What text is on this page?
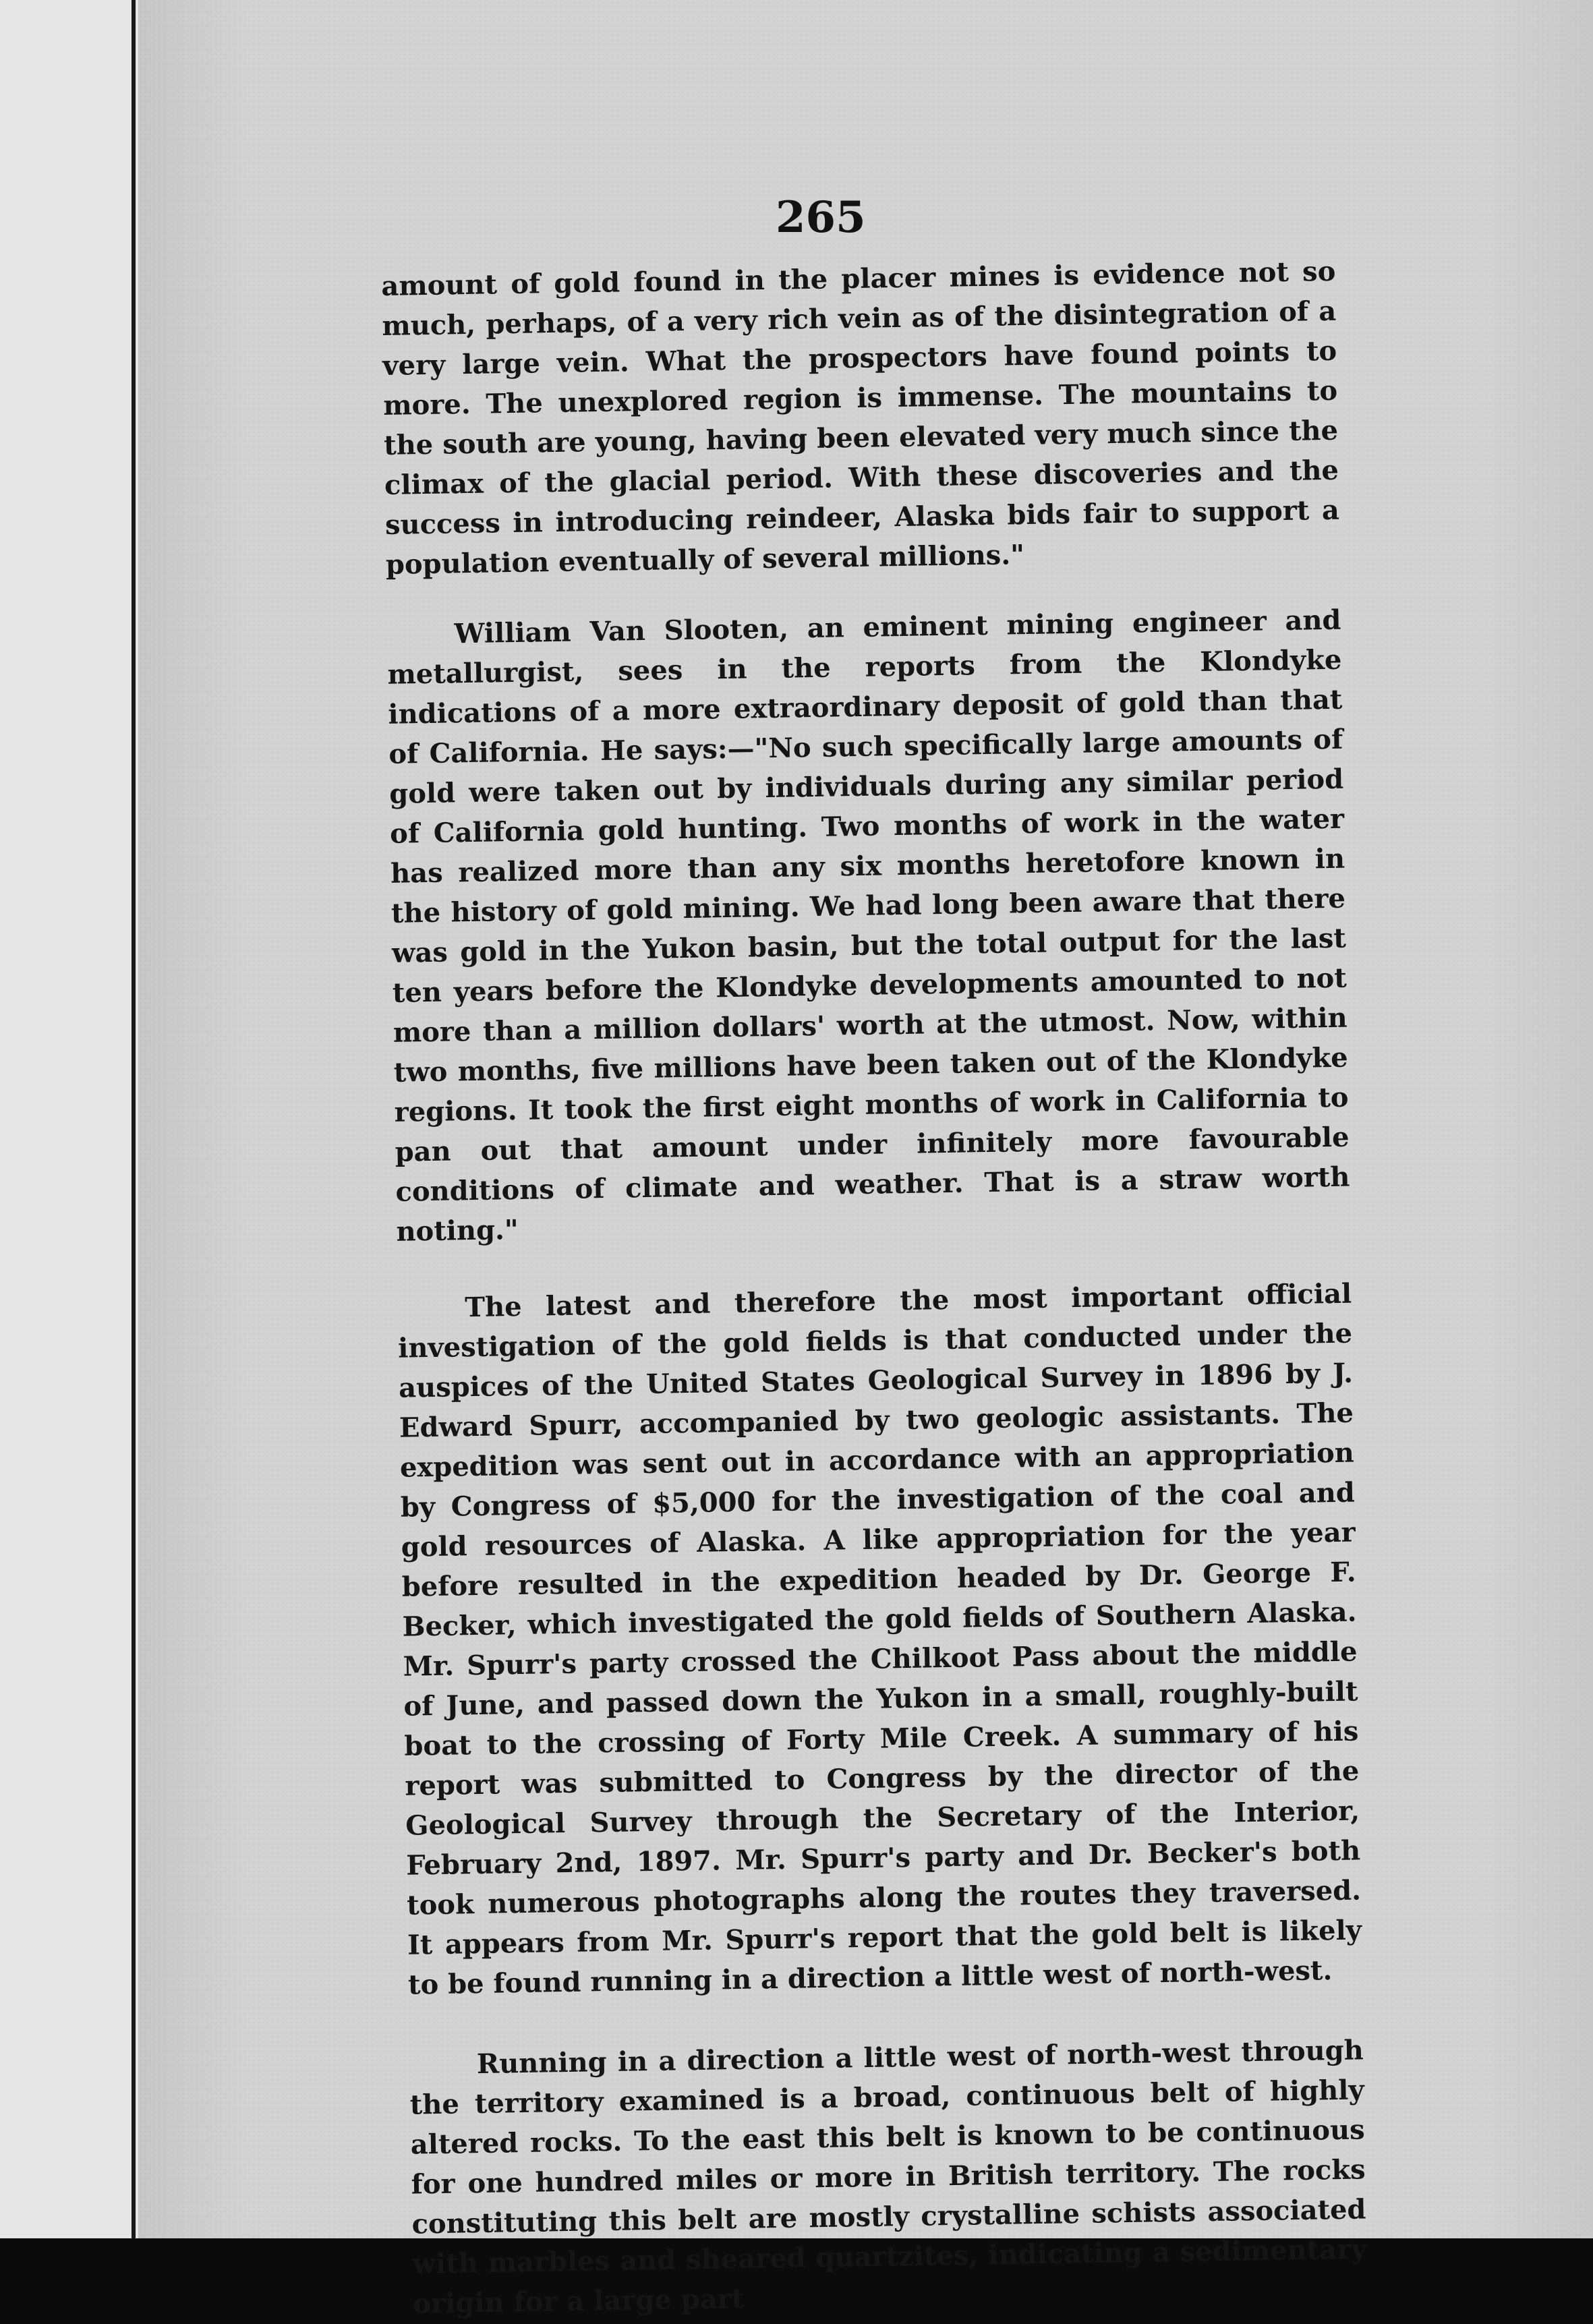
265

amount of gold found in the placer mines is evidence not so much, perhaps, of a very rich vein as of the disintegration of a very large vein. What the prospectors have found points to more. The unexplored region is immense. The mountains to the south are young, having been elevated very much since the climax of the glacial period. With these discoveries and the success in introducing reindeer, Alaska bids fair to support a population eventually of several millions."

William Van Slooten, an eminent mining engineer and metallurgist, sees in the reports from the Klondyke indications of a more extraordinary deposit of gold than that of California. He says:—"No such specifically large amounts of gold were taken out by individuals during any similar period of California gold hunting. Two months of work in the water has realized more than any six months heretofore known in the history of gold mining. We had long been aware that there was gold in the Yukon basin, but the total output for the last ten years before the Klondyke developments amounted to not more than a million dollars' worth at the utmost. Now, within two months, five millions have been taken out of the Klondyke regions. It took the first eight months of work in California to pan out that amount under infinitely more favourable conditions of climate and weather. That is a straw worth noting."

The latest and therefore the most important official investigation of the gold fields is that conducted under the auspices of the United States Geological Survey in 1896 by J. Edward Spurr, accompanied by two geologic assistants. The expedition was sent out in accordance with an appropriation by Congress of $5,000 for the investigation of the coal and gold resources of Alaska. A like appropriation for the year before resulted in the expedition headed by Dr. George F. Becker, which investigated the gold fields of Southern Alaska. Mr. Spurr's party crossed the Chilkoot Pass about the middle of June, and passed down the Yukon in a small, roughly-built boat to the crossing of Forty Mile Creek. A summary of his report was submitted to Congress by the director of the Geological Survey through the Secretary of the Interior, February 2nd, 1897. Mr. Spurr's party and Dr. Becker's both took numerous photographs along the routes they traversed. It appears from Mr. Spurr's report that the gold belt is likely to be found running in a direction a little west of north-west.

Running in a direction a little west of north-west through the territory examined is a broad, continuous belt of highly altered rocks. To the east this belt is known to be continuous for one hundred miles or more in British territory. The rocks constituting this belt are mostly crystalline schists associated with marbles and sheared quartzites, indicating a sedimentary origin for a large part
